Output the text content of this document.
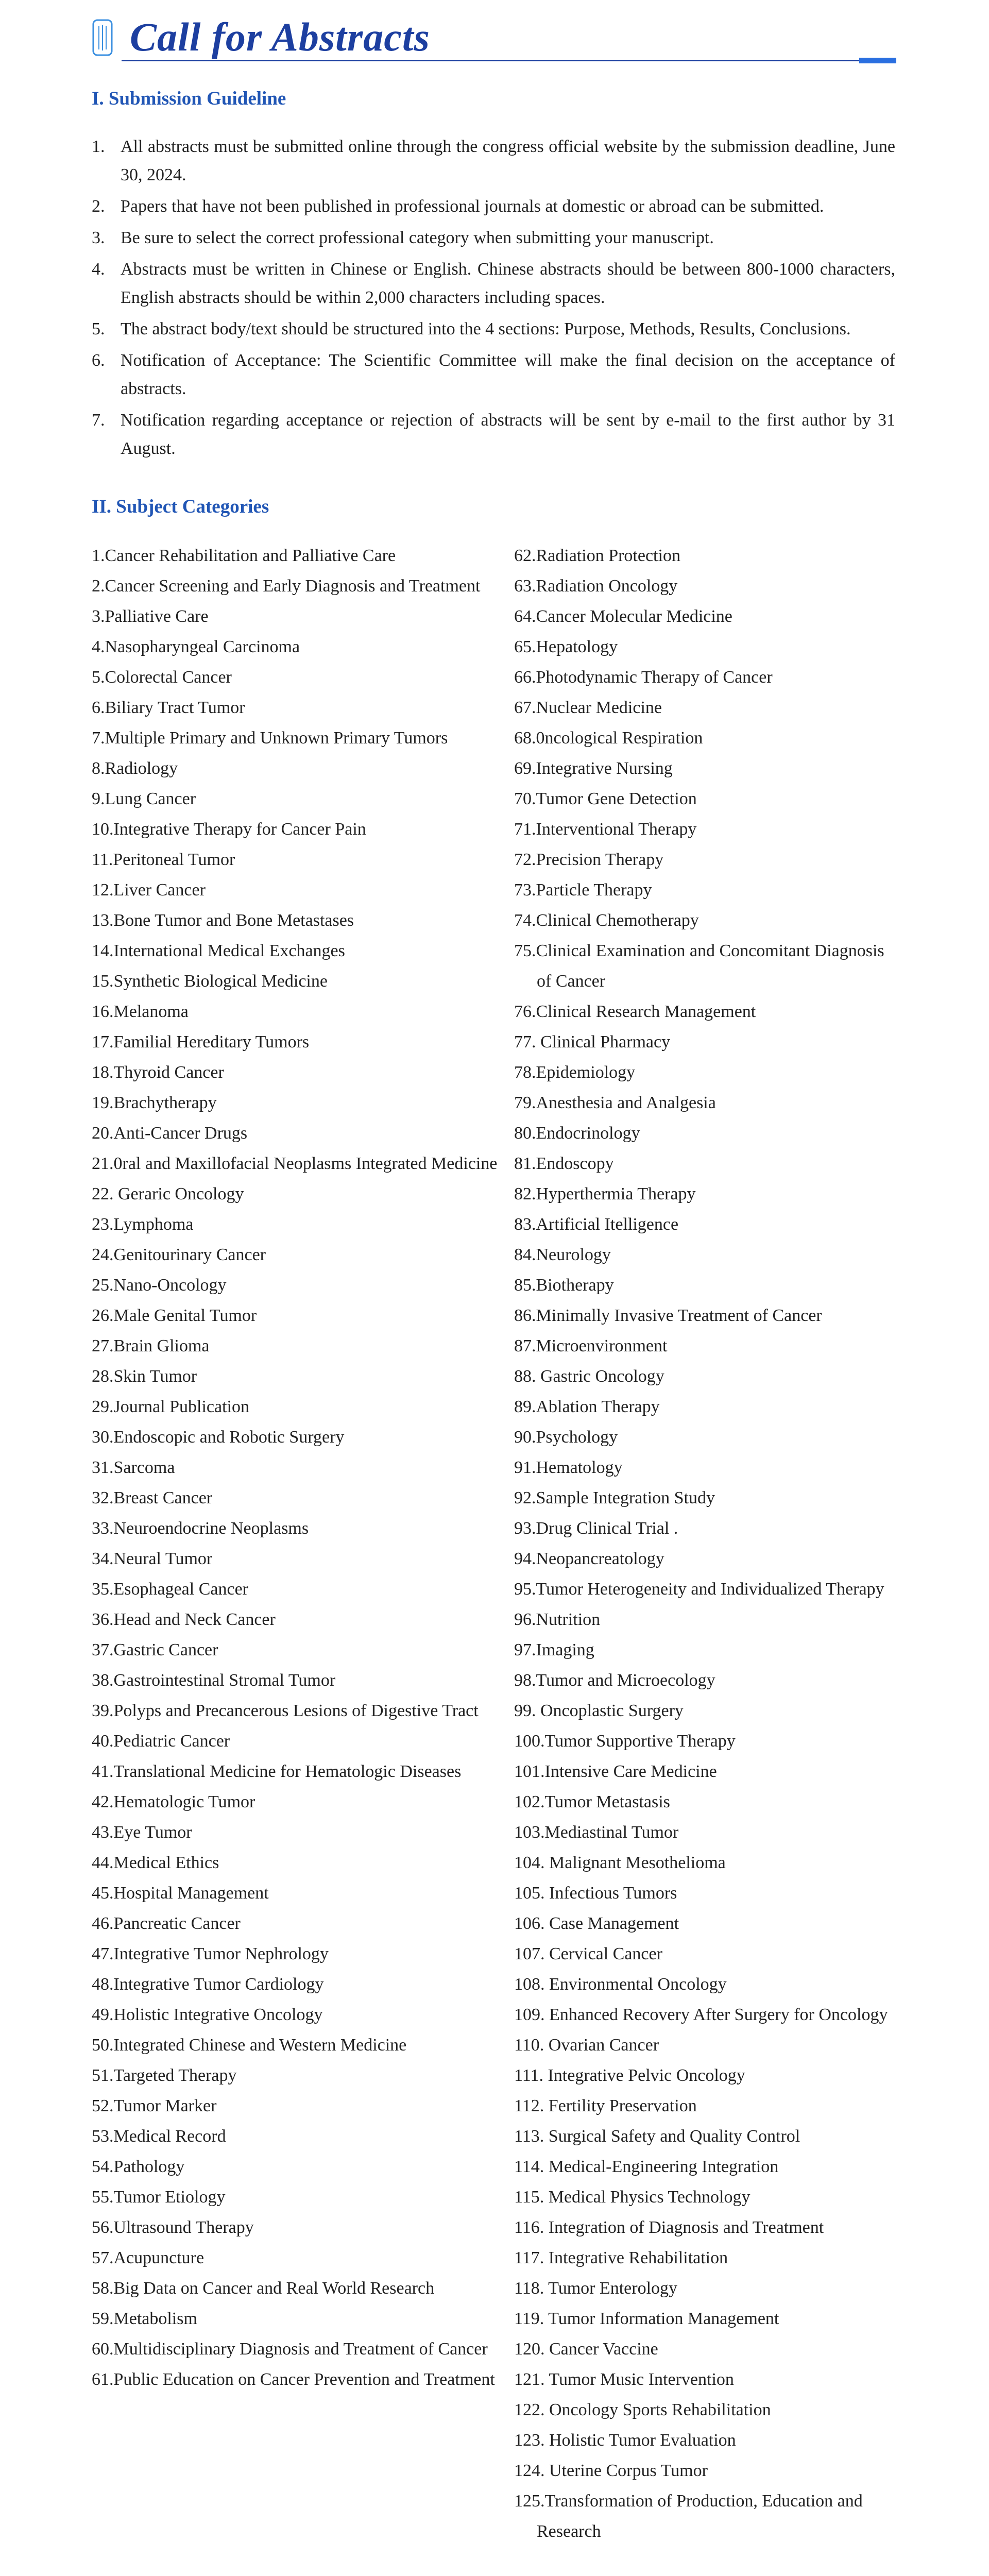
Call for Abstracts
I. Submission Guideline
1. All abstracts must be submitted online through the congress official website by the submission deadline, June 30, 2024.
2. Papers that have not been published in professional journals at domestic or abroad can be submitted.
3. Be sure to select the correct professional category when submitting your manuscript.
4. Abstracts must be written in Chinese or English. Chinese abstracts should be between 800-1000 characters, English abstracts should be within 2,000 characters including spaces.
5. The abstract body/text should be structured into the 4 sections: Purpose, Methods, Results, Conclusions.
6. Notification of Acceptance: The Scientific Committee will make the final decision on the acceptance of abstracts.
7. Notification regarding acceptance or rejection of abstracts will be sent by e-mail to the first author by 31 August.
II. Subject Categories
1.Cancer Rehabilitation and Palliative Care
2.Cancer Screening and Early Diagnosis and Treatment
3.Palliative Care
4.Nasopharyngeal Carcinoma
5.Colorectal Cancer
6.Biliary Tract Tumor
7.Multiple Primary and Unknown Primary Tumors
8.Radiology
9.Lung Cancer
10.Integrative Therapy for Cancer Pain
11.Peritoneal Tumor
12.Liver Cancer
13.Bone Tumor and Bone Metastases
14.International Medical Exchanges
15.Synthetic Biological Medicine
16.Melanoma
17.Familial Hereditary Tumors
18.Thyroid Cancer
19.Brachytherapy
20.Anti-Cancer Drugs
21.0ral and Maxillofacial Neoplasms Integrated Medicine
22. Geraric Oncology
23.Lymphoma
24.Genitourinary Cancer
25.Nano-Oncology
26.Male Genital Tumor
27.Brain Glioma
28.Skin Tumor
29.Journal Publication
30.Endoscopic and Robotic Surgery
31.Sarcoma
32.Breast Cancer
33.Neuroendocrine Neoplasms
34.Neural Tumor
35.Esophageal Cancer
36.Head and Neck Cancer
37.Gastric Cancer
38.Gastrointestinal Stromal Tumor
39.Polyps and Precancerous Lesions of Digestive Tract
40.Pediatric Cancer
41.Translational Medicine for Hematologic Diseases
42.Hematologic Tumor
43.Eye Tumor
44.Medical Ethics
45.Hospital Management
46.Pancreatic Cancer
47.Integrative Tumor Nephrology
48.Integrative Tumor Cardiology
49.Holistic Integrative Oncology
50.Integrated Chinese and Western Medicine
51.Targeted Therapy
52.Tumor Marker
53.Medical Record
54.Pathology
55.Tumor Etiology
56.Ultrasound Therapy
57.Acupuncture
58.Big Data on Cancer and Real World Research
59.Metabolism
60.Multidisciplinary Diagnosis and Treatment of Cancer
61.Public Education on Cancer Prevention and Treatment
62.Radiation Protection
63.Radiation Oncology
64.Cancer Molecular Medicine
65.Hepatology
66.Photodynamic Therapy of Cancer
67.Nuclear Medicine
68.0ncological Respiration
69.Integrative Nursing
70.Tumor Gene Detection
71.Interventional Therapy
72.Precision Therapy
73.Particle Therapy
74.Clinical Chemotherapy
75.Clinical Examination and Concomitant Diagnosis of Cancer
76.Clinical Research Management
77. Clinical Pharmacy
78.Epidemiology
79.Anesthesia and Analgesia
80.Endocrinology
81.Endoscopy
82.Hyperthermia Therapy
83.Artificial Itelligence
84.Neurology
85.Biotherapy
86.Minimally Invasive Treatment of Cancer
87.Microenvironment
88. Gastric Oncology
89.Ablation Therapy
90.Psychology
91.Hematology
92.Sample Integration Study
93.Drug Clinical Trial .
94.Neopancreatology
95.Tumor Heterogeneity and Individualized Therapy
96.Nutrition
97.Imaging
98.Tumor and Microecology
99. Oncoplastic Surgery
100.Tumor Supportive Therapy
101.Intensive Care Medicine
102.Tumor Metastasis
103.Mediastinal Tumor
104. Malignant Mesothelioma
105. Infectious Tumors
106. Case Management
107. Cervical Cancer
108. Environmental Oncology
109. Enhanced Recovery After Surgery for Oncology
110. Ovarian Cancer
111. Integrative Pelvic Oncology
112. Fertility Preservation
113. Surgical Safety and Quality Control
114. Medical-Engineering Integration
115. Medical Physics Technology
116. Integration of Diagnosis and Treatment
117. Integrative Rehabilitation
118. Tumor Enterology
119. Tumor Information Management
120. Cancer Vaccine
121. Tumor Music Intervention
122. Oncology Sports Rehabilitation
123. Holistic Tumor Evaluation
124. Uterine Corpus Tumor
125.Transformation of Production, Education and Research
